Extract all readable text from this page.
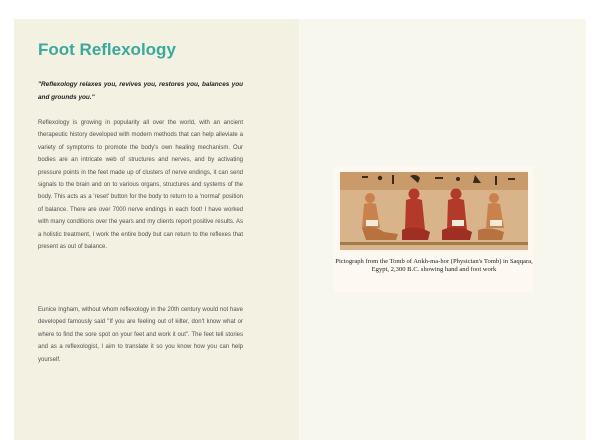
Foot Reflexology

"Reflexology relaxes you, revives you, restores you, balances you and grounds you."

Reflexology is growing in popularity all over the world, with an ancient therapeutic history developed with modern methods that can help alleviate a variety of symptoms to promote the body's own healing mechanism. Our bodies are an intricate web of structures and nerves, and by activating pressure points in the feet made up of clusters of nerve endings, it can send signals to the brain and on to various organs, structures and systems of the body. This acts as a 'reset' button for the body to return to a 'normal' position of balance. There are over 7000 nerve endings in each foot! I have worked with many conditions over the years and my clients report positive results. As a holistic treatment, I work the entire body but can return to the reflexes that present as out of balance.

Eunice Ingham, without whom reflexology in the 20th century would not have developed famously said "If you are feeling out of kilter, don't know what or where to find the sore spot on your feet and work it out". The feet tell stories and as a reflexologist, I aim to translate it so you know how you can help yourself.

Pictograph from the Tomb of Ankh-ma-hor (Physician's Tomb) in Saqqara, Egypt, 2,300 B.C. showing hand and foot work
